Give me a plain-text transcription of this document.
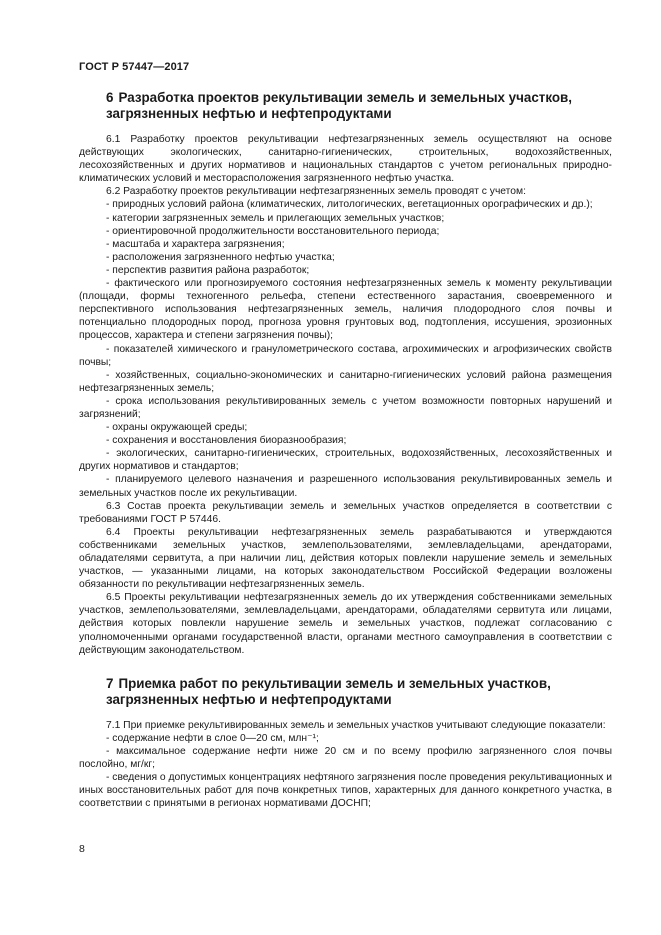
ГОСТ Р 57447—2017
6 Разработка проектов рекультивации земель и земельных участков,
загрязненных нефтью и нефтепродуктами

6.1 Разработку проектов рекультивации нефтезагрязненных земель осуществляют на основе действующих экологических, санитарно-гигиенических, строительных, водохозяйственных, лесохозяйственных и других нормативов и национальных стандартов с учетом региональных природно-климатических условий и месторасположения загрязненного нефтью участка.

6.2 Разработку проектов рекультивации нефтезагрязненных земель проводят с учетом:

- природных условий района (климатических, литологических, вегетационных орографических и др.);

- категории загрязненных земель и прилегающих земельных участков;

- ориентировочной продолжительности восстановительного периода;

- масштаба и характера загрязнения;

- расположения загрязненного нефтью участка;

- перспектив развития района разработок;

- фактического или прогнозируемого состояния нефтезагрязненных земель к моменту рекультивации (площади, формы техногенного рельефа, степени естественного зарастания, своевременного и перспективного использования нефтезагрязненных земель, наличия плодородного слоя почвы и потенциально плодородных пород, прогноза уровня грунтовых вод, подтопления, иссушения, эрозионных процессов, характера и степени загрязнения почвы);

- показателей химического и гранулометрического состава, агрохимических и агрофизических свойств почвы;

- хозяйственных, социально-экономических и санитарно-гигиенических условий района размещения нефтезагрязненных земель;

- срока использования рекультивированных земель с учетом возможности повторных нарушений и загрязнений;

- охраны окружающей среды;

- сохранения и восстановления биоразнообразия;

- экологических, санитарно-гигиенических, строительных, водохозяйственных, лесохозяйственных и других нормативов и стандартов;

- планируемого целевого назначения и разрешенного использования рекультивированных земель и земельных участков после их рекультивации.

6.3 Состав проекта рекультивации земель и земельных участков определяется в соответствии с требованиями ГОСТ Р 57446.

6.4 Проекты рекультивации нефтезагрязненных земель разрабатываются и утверждаются собственниками земельных участков, землепользователями, землевладельцами, арендаторами, обладателями сервитута, а при наличии лиц, действия которых повлекли нарушение земель и земельных участков, — указанными лицами, на которых законодательством Российской Федерации возложены обязанности по рекультивации нефтезагрязненных земель.

6.5 Проекты рекультивации нефтезагрязненных земель до их утверждения собственниками земельных участков, землепользователями, землевладельцами, арендаторами, обладателями сервитута или лицами, действия которых повлекли нарушение земель и земельных участков, подлежат согласованию с уполномоченными органами государственной власти, органами местного самоуправления в соответствии с действующим законодательством.

7 Приемка работ по рекультивации земель и земельных участков,
загрязненных нефтью и нефтепродуктами

7.1 При приемке рекультивированных земель и земельных участков учитывают следующие показатели:

- содержание нефти в слое 0—20 см, млн⁻¹;

- максимальное содержание нефти ниже 20 см и по всему профилю загрязненного слоя почвы послойно, мг/кг;

- сведения о допустимых концентрациях нефтяного загрязнения после проведения рекультивационных и иных восстановительных работ для почв конкретных типов, характерных для данного конкретного участка, в соответствии с принятыми в регионах нормативами ДОСНП;

8
